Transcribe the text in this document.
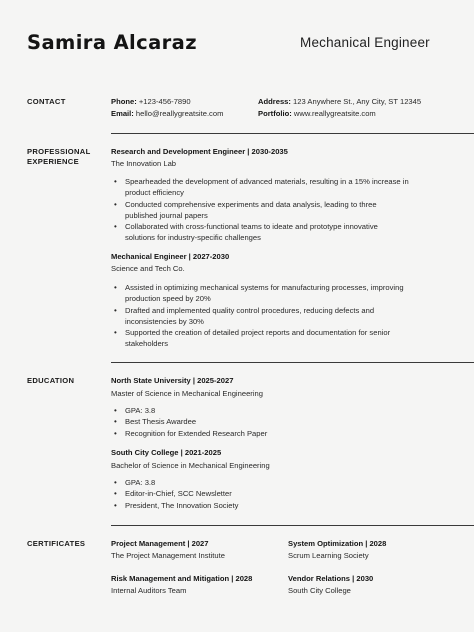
Samira Alcaraz	Mechanical Engineer
CONTACT	Phone: +123-456-7890
Email: hello@reallygreatsite.com
Address: 123 Anywhere St., Any City, ST 12345
Portfolio: www.reallygreatsite.com
PROFESSIONAL
EXPERIENCE
Research and Development Engineer | 2030-2035
The Innovation Lab
• Spearheaded the development of advanced materials, resulting in a 15% increase in
product efficiency
• Conducted comprehensive experiments and data analysis, leading to three
published journal papers
• Collaborated with cross-functional teams to ideate and prototype innovative
solutions for industry-specific challenges
Mechanical Engineer | 2027-2030
Science and Tech Co.
• Assisted in optimizing mechanical systems for manufacturing processes, improving
production speed by 20%
• Drafted and implemented quality control procedures, reducing defects and
inconsistencies by 30%
• Supported the creation of detailed project reports and documentation for senior
stakeholders
EDUCATION	North State University | 2025-2027
Master of Science in Mechanical Engineering
• GPA: 3.8
• Best Thesis Awardee
• Recognition for Extended Research Paper
South City College | 2021-2025
Bachelor of Science in Mechanical Engineering
• GPA: 3.8
• Editor-in-Chief, SCC Newsletter
• President, The Innovation Society
CERTIFICATES	Project Management | 2027
The Project Management Institute
System Optimization | 2028
Scrum Learning Society
Risk Management and Mitigation | 2028
Internal Auditors Team
Vendor Relations | 2030
South City College
